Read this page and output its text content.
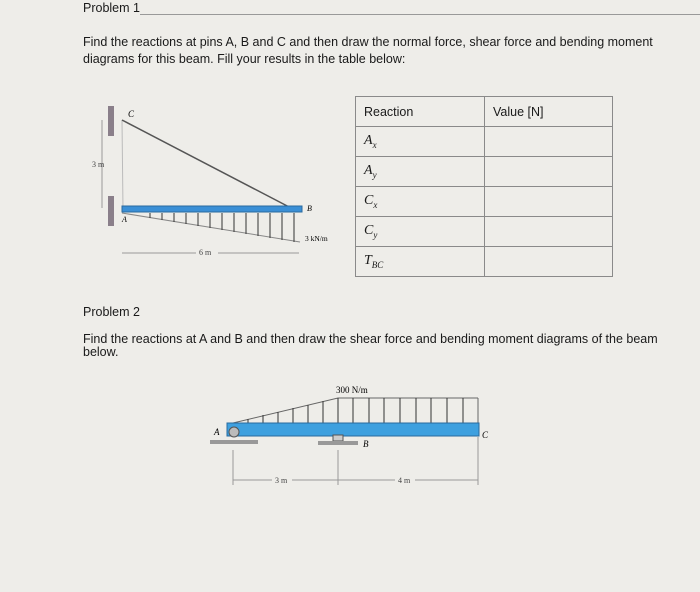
Problem 1
Find the reactions at pins A, B and C and then draw the normal force, shear force and bending moment
diagrams for this beam. Fill your results in the table below:
3 m
C
A
B
3 kN/m
6 m
Reaction	Value [N]
$A_x$	
$A_y$	
$C_x$	
$C_y$	
$T_{BC}$	
Problem 2
Find the reactions at A and B and then draw the shear force and bending moment diagrams of the beam
below.
300 N/m
A
B
C
3 m	4 m
